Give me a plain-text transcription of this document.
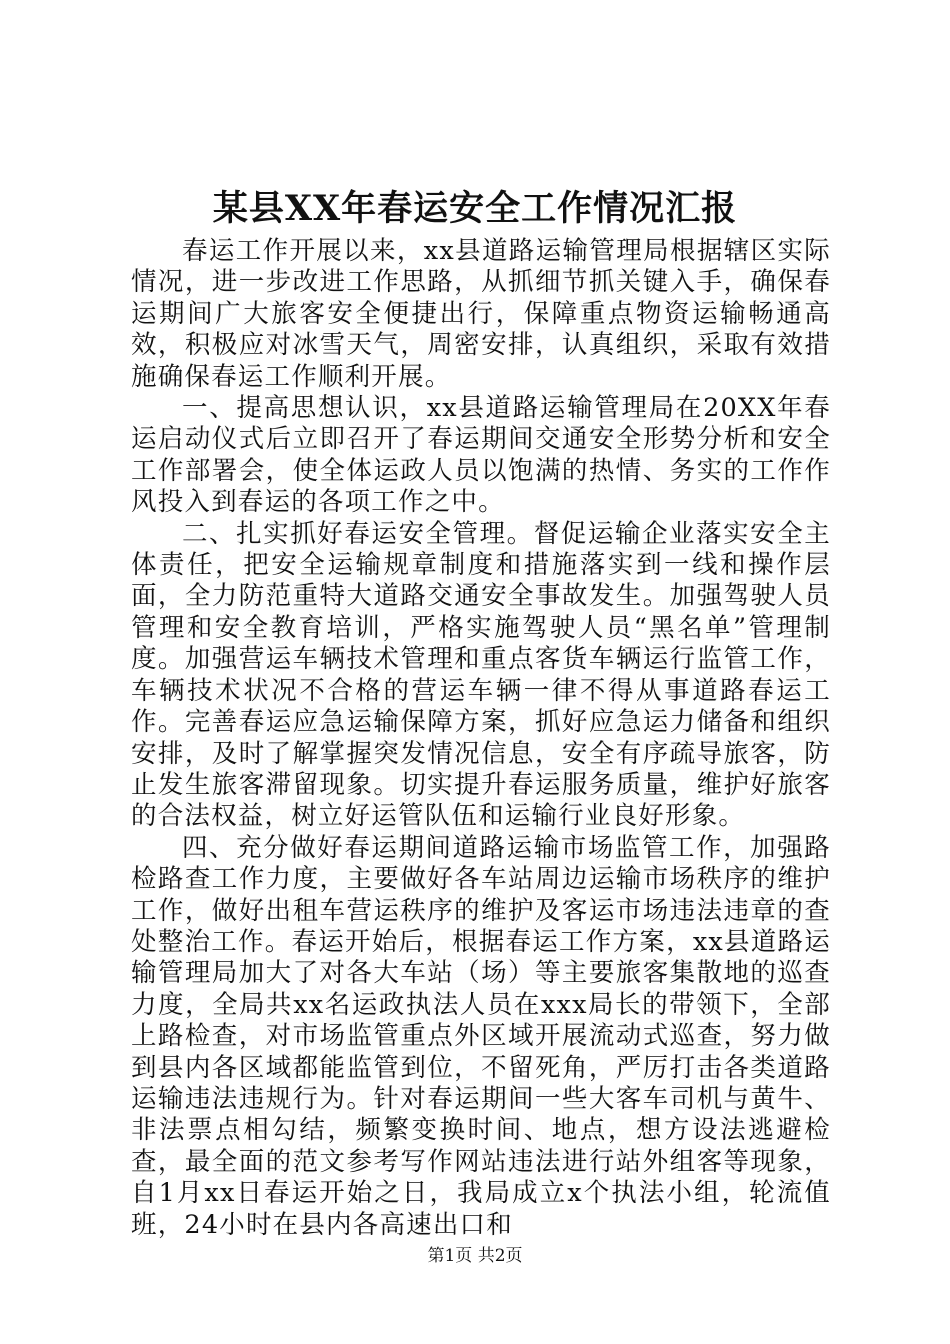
某县XX年春运安全工作情况汇报

春运工作开展以来，xx县道路运输管理局根据辖区实际情况，进一步改进工作思路，从抓细节抓关键入手，确保春运期间广大旅客安全便捷出行，保障重点物资运输畅通高效，积极应对冰雪天气，周密安排，认真组织，采取有效措施确保春运工作顺利开展。

一、提高思想认识，xx县道路运输管理局在20XX年春运启动仪式后立即召开了春运期间交通安全形势分析和安全工作部署会，使全体运政人员以饱满的热情、务实的工作作风投入到春运的各项工作之中。

二、扎实抓好春运安全管理。督促运输企业落实安全主体责任，把安全运输规章制度和措施落实到一线和操作层面，全力防范重特大道路交通安全事故发生。加强驾驶人员管理和安全教育培训，严格实施驾驶人员“黑名单”管理制度。加强营运车辆技术管理和重点客货车辆运行监管工作，车辆技术状况不合格的营运车辆一律不得从事道路春运工作。完善春运应急运输保障方案，抓好应急运力储备和组织安排，及时了解掌握突发情况信息，安全有序疏导旅客，防止发生旅客滞留现象。切实提升春运服务质量，维护好旅客的合法权益，树立好运管队伍和运输行业良好形象。

四、充分做好春运期间道路运输市场监管工作，加强路检路查工作力度，主要做好各车站周边运输市场秩序的维护工作，做好出租车营运秩序的维护及客运市场违法违章的查处整治工作。春运开始后，根据春运工作方案，xx县道路运输管理局加大了对各大车站（场）等主要旅客集散地的巡查力度，全局共xx名运政执法人员在xxx局长的带领下，全部上路检查，对市场监管重点外区域开展流动式巡查，努力做到县内各区域都能监管到位，不留死角，严厉打击各类道路运输违法违规行为。针对春运期间一些大客车司机与黄牛、非法票点相勾结，频繁变换时间、地点，想方设法逃避检查，最全面的范文参考写作网站违法进行站外组客等现象，自1月xx日春运开始之日，我局成立x个执法小组，轮流值班，24小时在县内各高速出口和

第1页 共2页
